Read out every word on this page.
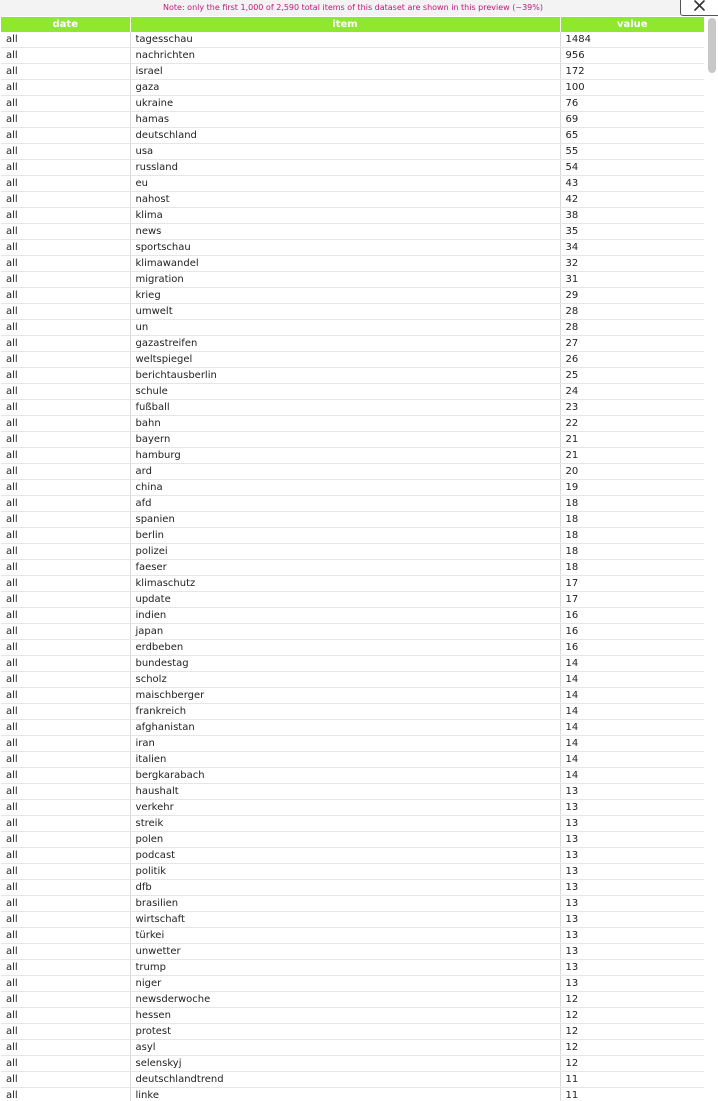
Note: only the first 1,000 of 2,590 total items of this dataset are shown in this preview (~39%)
date	item	value
all	tagesschau	1484
all	nachrichten	956
all	israel	172
all	gaza	100
all	ukraine	76
all	hamas	69
all	deutschland	65
all	usa	55
all	russland	54
all	eu	43
all	nahost	42
all	klima	38
all	news	35
all	sportschau	34
all	klimawandel	32
all	migration	31
all	krieg	29
all	umwelt	28
all	un	28
all	gazastreifen	27
all	weltspiegel	26
all	berichtausberlin	25
all	schule	24
all	fußball	23
all	bahn	22
all	bayern	21
all	hamburg	21
all	ard	20
all	china	19
all	afd	18
all	spanien	18
all	berlin	18
all	polizei	18
all	faeser	18
all	klimaschutz	17
all	update	17
all	indien	16
all	japan	16
all	erdbeben	16
all	bundestag	14
all	scholz	14
all	maischberger	14
all	frankreich	14
all	afghanistan	14
all	iran	14
all	italien	14
all	bergkarabach	14
all	haushalt	13
all	verkehr	13
all	streik	13
all	polen	13
all	podcast	13
all	politik	13
all	dfb	13
all	brasilien	13
all	wirtschaft	13
all	türkei	13
all	unwetter	13
all	trump	13
all	niger	13
all	newsderwoche	12
all	hessen	12
all	protest	12
all	asyl	12
all	selenskyj	12
all	deutschlandtrend	11
all	linke	11
